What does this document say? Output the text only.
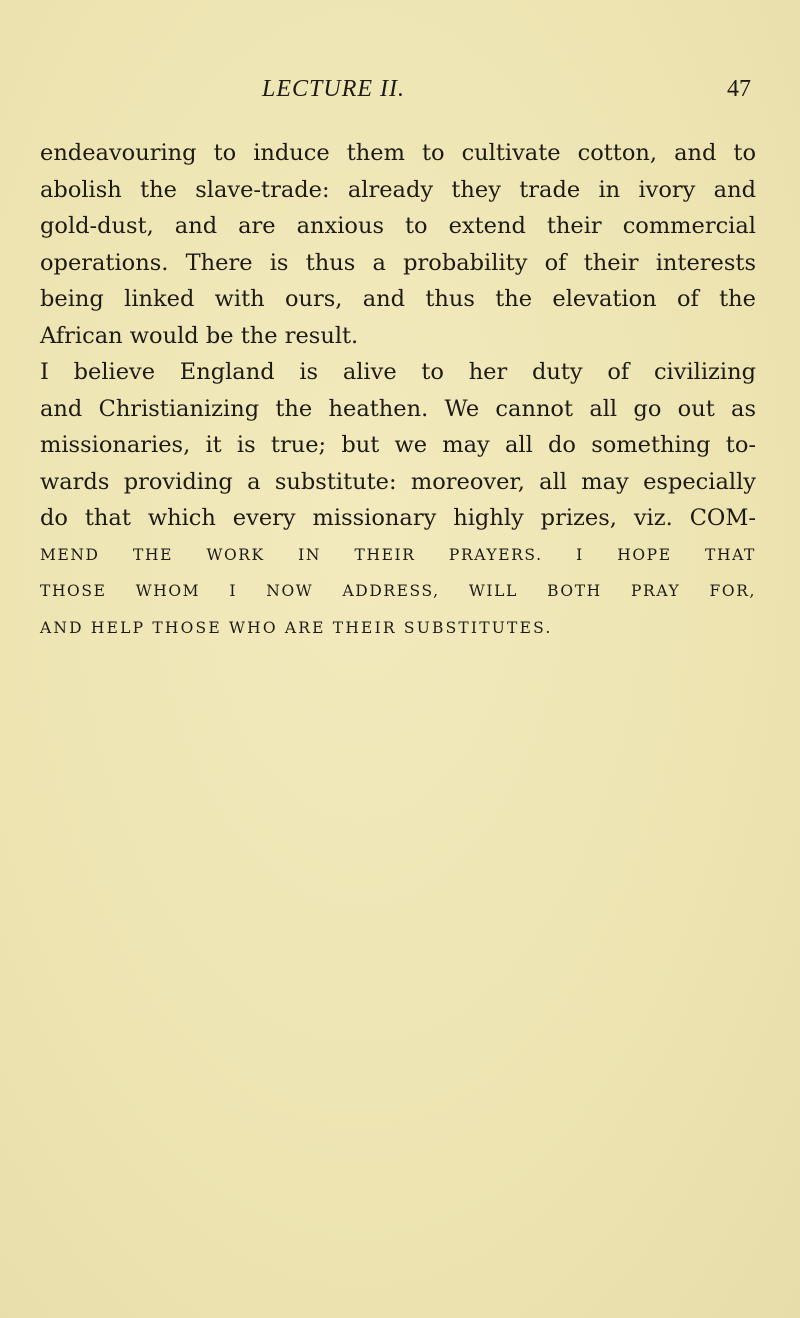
LECTURE II.	47
endeavouring to induce them to cultivate cotton, and to
abolish the slave-trade: already they trade in ivory and
gold-dust, and are anxious to extend their commercial
operations. There is thus a probability of their interests
being linked with ours, and thus the elevation of the
African would be the result.
I believe England is alive to her duty of civilizing
and Christianizing the heathen. We cannot all go out as
missionaries, it is true; but we may all do something to-
wards providing a substitute: moreover, all may especially
do that which every missionary highly prizes, viz. COM-
MEND THE WORK IN THEIR PRAYERS. I HOPE THAT
THOSE WHOM I NOW ADDRESS, WILL BOTH PRAY FOR,
AND HELP THOSE WHO ARE THEIR SUBSTITUTES.
